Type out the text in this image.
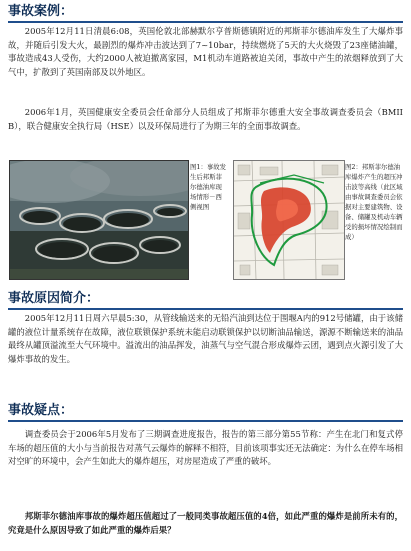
事故案例：
2005年12月11日清晨6:08，英国伦敦北部赫默尔亨普斯德镇附近的邦斯菲尔德油库发生了大爆炸事故，并随后引发大火，最剧烈的爆炸冲击波达到了7~10bar，持续燃烧了5天的大火烧毁了23座储油罐，事故造成43人受伤，大约2000人被迫撤离家园，M1机动车道路被迫关闭，事故中产生的浓烟释放到了大气中，扩散到了英国南部及以外地区。
2006年1月，英国健康安全委员会任命部分人员组成了邦斯菲尔德重大安全事故调查委员会（BMIIB），联合健康安全执行局（HSE）以及环保局进行了为期三年的全面事故调查。
图1：事故发生后邦斯菲尔德油库现场情形－西侧视图
图2：邦斯菲尔德油库爆炸产生的超压冲击波等高线（此区域由事故调查委员会依据对主要建筑物、设备、储罐及机动车辆受的损坏情况绘制而成）
事故原因简介：
2005年12月11日周六早晨5:30，从管线输送来的无铅汽油到达位于围堰A内的912号储罐，由于该储罐的液位计量系统存在故障，液位联锁保护系统未能启动联锁保护以切断油品输送，源源不断输送来的油品最终从罐顶溢流至大气环境中。溢流出的油品挥发，油蒸气与空气混合形成爆炸云团，遇到点火源引发了大爆炸事故的发生。
事故疑点：
调查委员会于2006年5月发布了三期调查进度报告，报告的第三部分第55节称：产生在北门和复式停车场的超压值的大小与当前报告对蒸气云爆炸的解释不相符，目前该项事实还无法确定：为什么在停车场相对空旷的环境中，会产生如此大的爆炸超压，对房屋造成了严重的破坏。
邦斯菲尔德油库事故的爆炸超压值超过了一般同类事故超压值的4倍，如此严重的爆炸是前所未有的，究竟是什么原因导致了如此严重的爆炸后果？
